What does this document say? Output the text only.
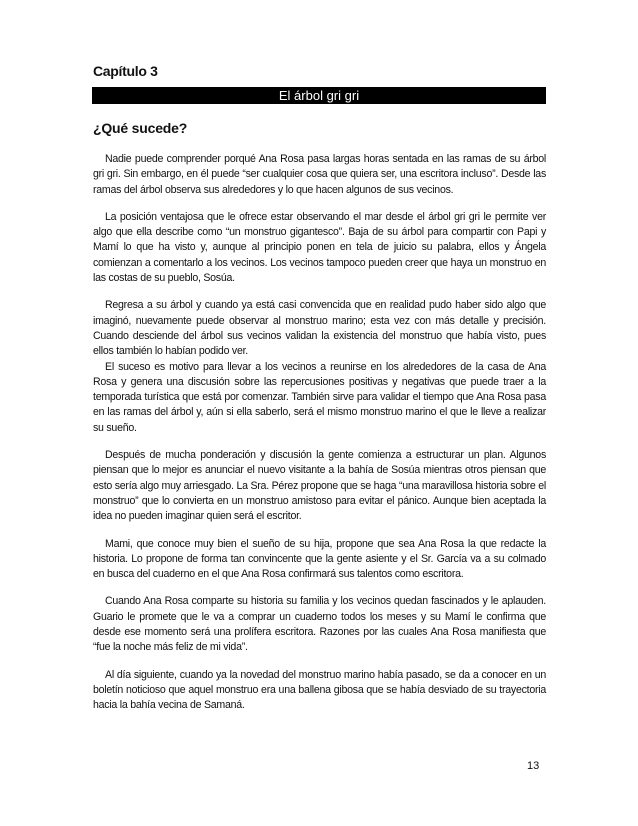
Capítulo 3
El árbol gri gri
¿Qué sucede?

Nadie puede comprender porqué Ana Rosa pasa largas horas sentada en las ramas de su árbol gri gri. Sin embargo, en él puede “ser cualquier cosa que quiera ser, una escritora incluso”. Desde las ramas del árbol observa sus alrededores y lo que hacen algunos de sus vecinos.

La posición ventajosa que le ofrece estar observando el mar desde el árbol gri gri le permite ver algo que ella describe como “un monstruo gigantesco”. Baja de su árbol para compartir con Papi y Mamí lo que ha visto y, aunque al principio ponen en tela de juicio su palabra, ellos y Ángela comienzan a comentarlo a los vecinos. Los vecinos tampoco pueden creer que haya un monstruo en las costas de su pueblo, Sosúa.

Regresa a su árbol y cuando ya está casi convencida que en realidad pudo haber sido algo que imaginó, nuevamente puede observar al monstruo marino; esta vez con más detalle y precisión. Cuando desciende del árbol sus vecinos validan la existencia del monstruo que había visto, pues ellos también lo habían podido ver.

El suceso es motivo para llevar a los vecinos a reunirse en los alrededores de la casa de Ana Rosa y genera una discusión sobre las repercusiones positivas y negativas que puede traer a la temporada turística que está por comenzar. También sirve para validar el tiempo que Ana Rosa pasa en las ramas del árbol y, aún si ella saberlo, será el mismo monstruo marino el que le lleve a realizar su sueño.

Después de mucha ponderación y discusión la gente comienza a estructurar un plan. Algunos piensan que lo mejor es anunciar el nuevo visitante a la bahía de Sosúa mientras otros piensan que esto sería algo muy arriesgado. La Sra. Pérez propone que se haga “una maravillosa historia sobre el monstruo” que lo convierta en un monstruo amistoso para evitar el pánico. Aunque bien aceptada la idea no pueden imaginar quien será el escritor.

Mami, que conoce muy bien el sueño de su hija, propone que sea Ana Rosa la que redacte la historia. Lo propone de forma tan convincente que la gente asiente y el Sr. García va a su colmado en busca del cuaderno en el que Ana Rosa confirmará sus talentos como escritora.

Cuando Ana Rosa comparte su historia su familia y los vecinos quedan fascinados y le aplauden. Guario le promete que le va a comprar un cuaderno todos los meses y su Mamí le confirma que desde ese momento será una prolífera escritora. Razones por las cuales Ana Rosa manifiesta que “fue la noche más feliz de mi vida”.

Al día siguiente, cuando ya la novedad del monstruo marino había pasado, se da a conocer en un boletín noticioso que aquel monstruo era una ballena gibosa que se había desviado de su trayectoria hacia la bahía vecina de Samaná.

13
